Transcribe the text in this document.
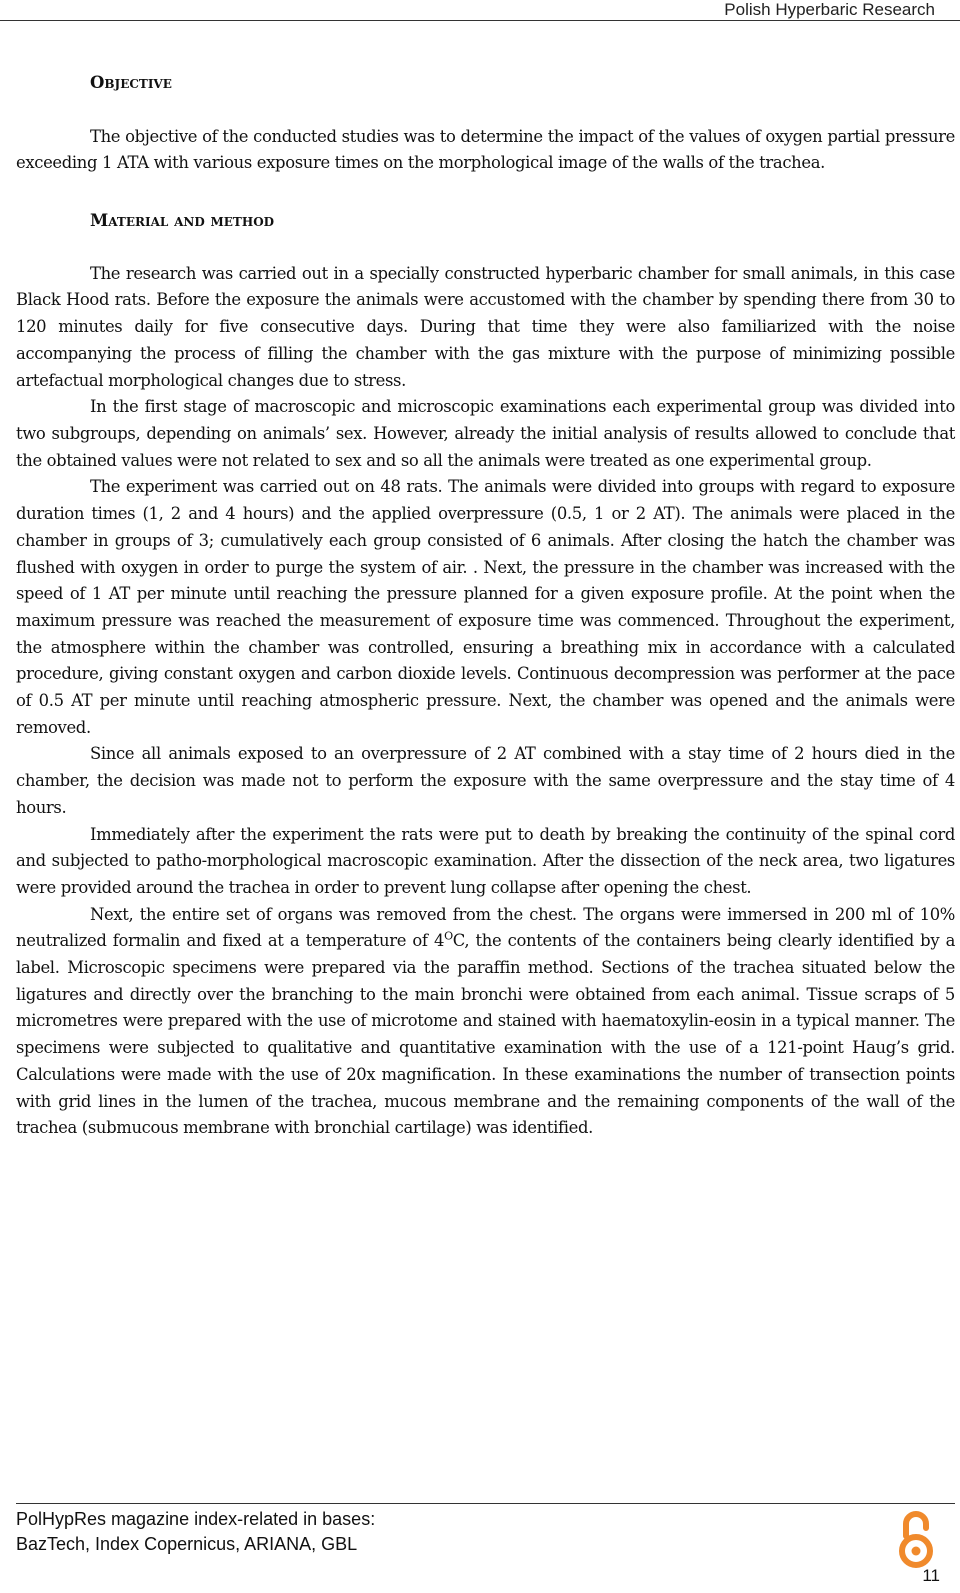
Polish Hyperbaric Research
Objective

The objective of the conducted studies was to determine the impact of the values of oxygen partial pressure exceeding 1 ATA with various exposure times on the morphological image of the walls of the trachea.

Material and method

The research was carried out in a specially constructed hyperbaric chamber for small animals, in this case Black Hood rats. Before the exposure the animals were accustomed with the chamber by spending there from 30 to 120 minutes daily for five consecutive days. During that time they were also familiarized with the noise accompanying the process of filling the chamber with the gas mixture with the purpose of minimizing possible artefactual morphological changes due to stress.

In the first stage of macroscopic and microscopic examinations each experimental group was divided into two subgroups, depending on animals’ sex. However, already the initial analysis of results allowed to conclude that the obtained values were not related to sex and so all the animals were treated as one experimental group.

The experiment was carried out on 48 rats. The animals were divided into groups with regard to exposure duration times (1, 2 and 4 hours) and the applied overpressure (0.5, 1 or 2 AT). The animals were placed in the chamber in groups of 3; cumulatively each group consisted of 6 animals. After closing the hatch the chamber was flushed with oxygen in order to purge the system of air. . Next, the pressure in the chamber was increased with the speed of 1 AT per minute until reaching the pressure planned for a given exposure profile. At the point when the maximum pressure was reached the measurement of exposure time was commenced. Throughout the experiment, the atmosphere within the chamber was controlled, ensuring a breathing mix in accordance with a calculated procedure, giving constant oxygen and carbon dioxide levels. Continuous decompression was performer at the pace of 0.5 AT per minute until reaching atmospheric pressure. Next, the chamber was opened and the animals were removed.

Since all animals exposed to an overpressure of 2 AT combined with a stay time of 2 hours died in the chamber, the decision was made not to perform the exposure with the same overpressure and the stay time of 4 hours.

Immediately after the experiment the rats were put to death by breaking the continuity of the spinal cord and subjected to patho-morphological macroscopic examination. After the dissection of the neck area, two ligatures were provided around the trachea in order to prevent lung collapse after opening the chest.

Next, the entire set of organs was removed from the chest. The organs were immersed in 200 ml of 10% neutralized formalin and fixed at a temperature of $4^OC$, the contents of the containers being clearly identified by a label. Microscopic specimens were prepared via the paraffin method. Sections of the trachea situated below the ligatures and directly over the branching to the main bronchi were obtained from each animal. Tissue scraps of 5 micrometres were prepared with the use of microtome and stained with haematoxylin-eosin in a typical manner. The specimens were subjected to qualitative and quantitative examination with the use of a 121-point Haug’s grid. Calculations were made with the use of 20x magnification. In these examinations the number of transection points with grid lines in the lumen of the trachea, mucous membrane and the remaining components of the wall of the trachea (submucous membrane with bronchial cartilage) was identified.

PolHypRes magazine index-related in bases:
BazTech, Index Copernicus, ARIANA, GBL
11
